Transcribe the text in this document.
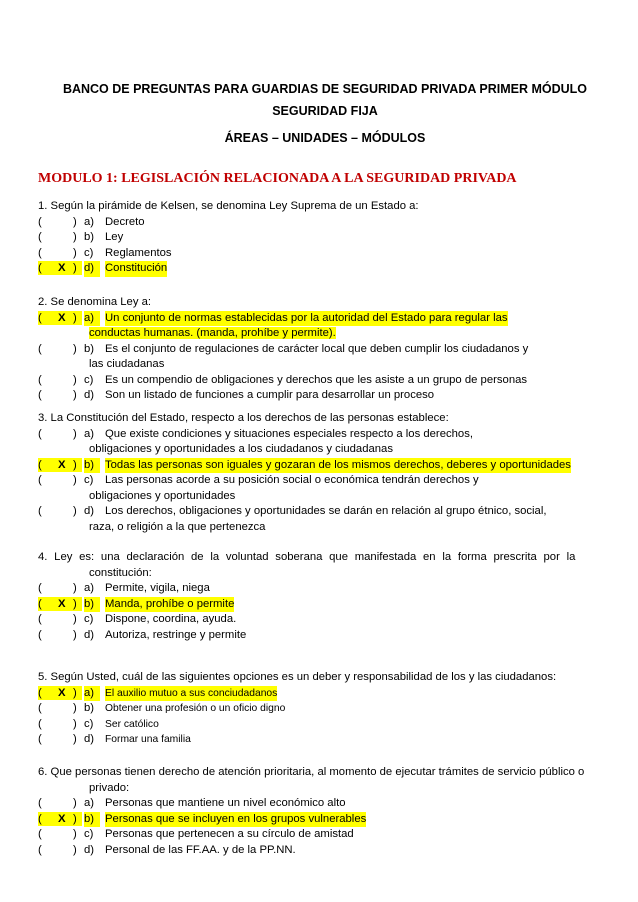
BANCO DE PREGUNTAS PARA GUARDIAS DE SEGURIDAD PRIVADA PRIMER MÓDULO
SEGURIDAD FIJA
ÁREAS – UNIDADES – MÓDULOS
MODULO 1: LEGISLACIÓN RELACIONADA A LA SEGURIDAD PRIVADA
1. Según la pirámide de Kelsen, se denomina Ley Suprema de un Estado a:
(	) a) Decreto
(	) b) Ley
(	) c) Reglamentos
( X ) d) Constitución
2. Se denomina Ley a:
( X ) a) Un conjunto de normas establecidas por la autoridad del Estado para regular las
conductas humanas. (manda, prohíbe y permite).
(	) b) Es el conjunto de regulaciones de carácter local que deben cumplir los ciudadanos y
las ciudadanas
(	) c) Es un compendio de obligaciones y derechos que les asiste a un grupo de personas
(	) d) Son un listado de funciones a cumplir para desarrollar un proceso
3. La Constitución del Estado, respecto a los derechos de las personas establece:
(	) a) Que existe condiciones y situaciones especiales respecto a los derechos,
obligaciones y oportunidades a los ciudadanos y ciudadanas
( X ) b) Todas las personas son iguales y gozaran de los mismos derechos, deberes y oportunidades
(	) c) Las personas acorde a su posición social o económica tendrán derechos y
obligaciones y oportunidades
(	) d) Los derechos, obligaciones y oportunidades se darán en relación al grupo étnico, social,
raza, o religión a la que pertenezca
4. Ley es: una declaración de la voluntad soberana que manifestada en la forma prescrita por la
constitución:
(	) a) Permite, vigila, niega
( X ) b) Manda, prohíbe o permite
(	) c) Dispone, coordina, ayuda.
(	) d) Autoriza, restringe y permite
5. Según Usted, cuál de las siguientes opciones es un deber y responsabilidad de los y las ciudadanos:
( X ) a)	El auxilio mutuo a sus conciudadanos
(	) b) Obtener una profesión o un oficio digno
(	) c) Ser católico
(	) d) Formar una familia
6. Que personas tienen derecho de atención prioritaria, al momento de ejecutar trámites de servicio público o
privado:
(	) a) Personas que mantiene un nivel económico alto
( X ) b) Personas que se incluyen en los grupos vulnerables
(	) c) Personas que pertenecen a su círculo de amistad
(	) d) Personal de las FF.AA. y de la PP.NN.
